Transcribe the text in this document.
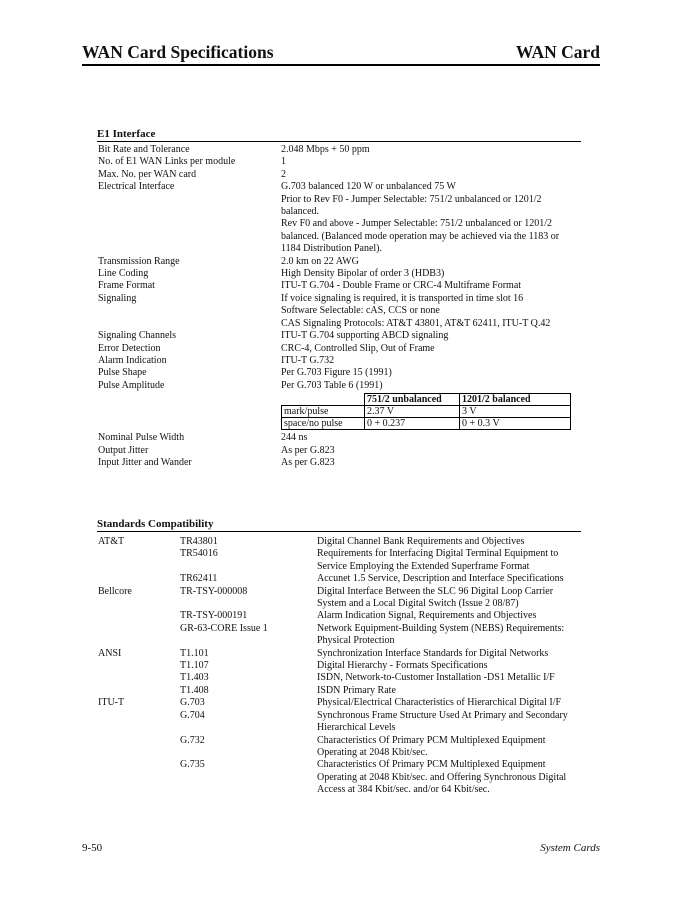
WAN Card Specifications	WAN Card
E1 Interface
Bit Rate and Tolerance	2.048 Mbps + 50 ppm
No. of E1 WAN Links per module	1
Max. No. per WAN card	2
Electrical Interface	G.703 balanced 120 W or unbalanced 75 W
Prior to Rev F0 - Jumper Selectable: 751/2 unbalanced or 1201/2
balanced.
Rev F0 and above - Jumper Selectable: 751/2 unbalanced or 1201/2
balanced. (Balanced mode operation may be achieved via the 1183 or
1184 Distribution Panel).
Transmission Range	2.0 km on 22 AWG
Line Coding	High Density Bipolar of order 3 (HDB3)
Frame Format	ITU-T G.704 - Double Frame or CRC-4 Multiframe Format
Signaling	If voice signaling is required, it is transported in time slot 16
Software Selectable: cAS, CCS or none
CAS Signaling Protocols: AT&T 43801, AT&T 62411, ITU-T Q.42
Signaling Channels	ITU-T G.704 supporting ABCD signaling
Error Detection	CRC-4, Controlled Slip, Out of Frame
Alarm Indication	ITU-T G.732
Pulse Shape	Per G.703 Figure 15 (1991)
Pulse Amplitude	Per G.703 Table 6 (1991)
	751/2 unbalanced	1201/2 balanced
mark/pulse	2.37 V	3 V
space/no pulse	0 + 0.237	0 + 0.3 V
Nominal Pulse Width	244 ns
Output Jitter	As per G.823
Input Jitter and Wander	As per G.823
Standards Compatibility
AT&T	TR43801	Digital Channel Bank Requirements and Objectives
TR54016	Requirements for Interfacing Digital Terminal Equipment to
Service Employing the Extended Superframe Format
TR62411	Accunet 1.5 Service, Description and Interface Specifications
Bellcore	TR-TSY-000008	Digital Interface Between the SLC 96 Digital Loop Carrier
System and a Local Digital Switch (Issue 2 08/87)
TR-TSY-000191	Alarm Indication Signal, Requirements and Objectives
GR-63-CORE Issue 1	Network Equipment-Building System (NEBS) Requirements:
Physical Protection
ANSI	T1.101	Synchronization Interface Standards for Digital Networks
T1.107	Digital Hierarchy - Formats Specifications
T1.403	ISDN, Network-to-Customer Installation -DS1 Metallic I/F
T1.408	ISDN Primary Rate
ITU-T	G.703	Physical/Electrical Characteristics of Hierarchical Digital I/F
G.704	Synchronous Frame Structure Used At Primary and Secondary
Hierarchical Levels
G.732	Characteristics Of Primary PCM Multiplexed Equipment
Operating at 2048 Kbit/sec.
G.735	Characteristics Of Primary PCM Multiplexed Equipment
Operating at 2048 Kbit/sec. and Offering Synchronous Digital
Access at 384 Kbit/sec. and/or 64 Kbit/sec.
9-50	System Cards
